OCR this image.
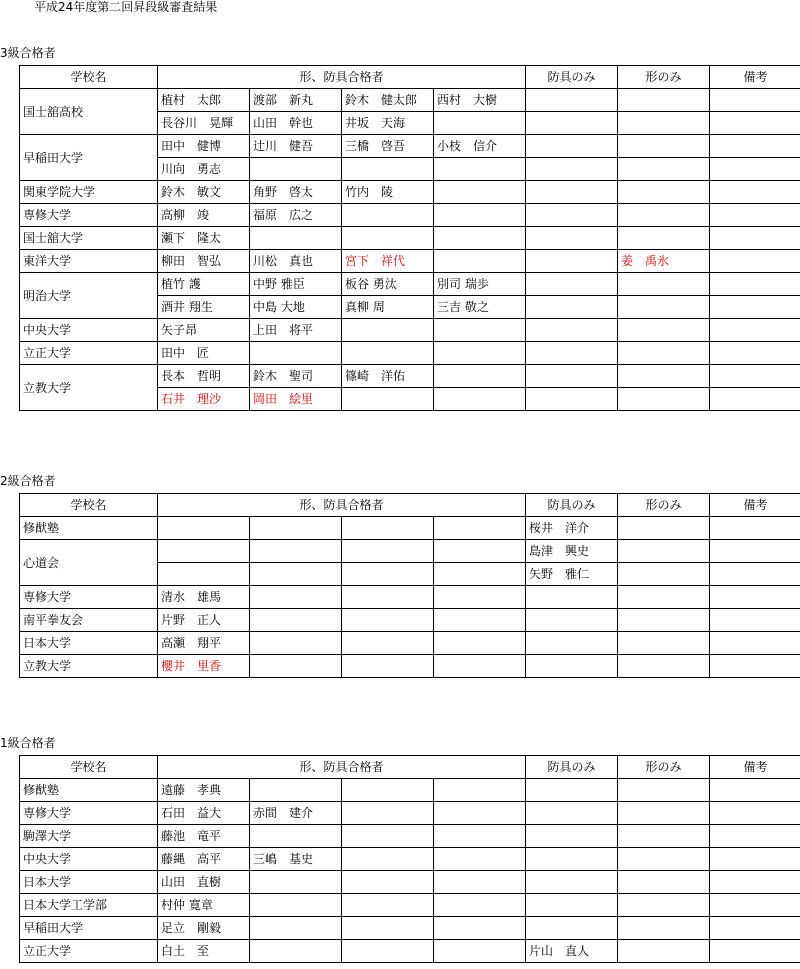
平成24年度第二回昇段級審査結果
3級合格者
学校名	形、防具合格者				防具のみ	形のみ	備考
国士舘高校	植村　太郎	渡部　新丸	鈴木　健太郎	西村　大樹			
	長谷川　晃輝	山田　幹也	井坂　天海				
早稲田大学	田中　健博	辻川　健吾	三橋　啓吾	小枝　信介			
	川向　勇志						
関東学院大学	鈴木　敏文	角野　啓太	竹内　陵				
専修大学	高柳　竣	福原　広之					
国士舘大学	瀬下　隆太						
東洋大学	柳田　智弘	川松　真也	宮下　祥代			姜　禹氷	
明治大学	植竹 護	中野 雅臣	板谷 勇汰	別司 瑞歩			
	酒井 翔生	中島 大地	真柳 周	三吉 敬之			
中央大学	矢子昂	上田　将平					
立正大学	田中　匠						
立教大学	長本　哲明	鈴木　聖司	篠崎　洋佑				
	石井　理沙	岡田　絵里					
2級合格者
学校名	形、防具合格者				防具のみ	形のみ	備考
修猷塾					桜井　洋介		
心道会					島津　興史		
					矢野　雅仁		
専修大学	清水　雄馬						
南平拳友会	片野　正人						
日本大学	高瀬　翔平						
立教大学	櫻井　里香						
1級合格者
学校名	形、防具合格者				防具のみ	形のみ	備考
修猷塾	遠藤　孝典						
専修大学	石田　益大	赤間　建介					
駒澤大学	藤池　竜平						
中央大学	藤縄　高平	三嶋　基史					
日本大学	山田　直樹						
日本大学工学部	村仲 寛章						
早稲田大学	足立　剛毅						
立正大学	白土　至				片山　直人		
